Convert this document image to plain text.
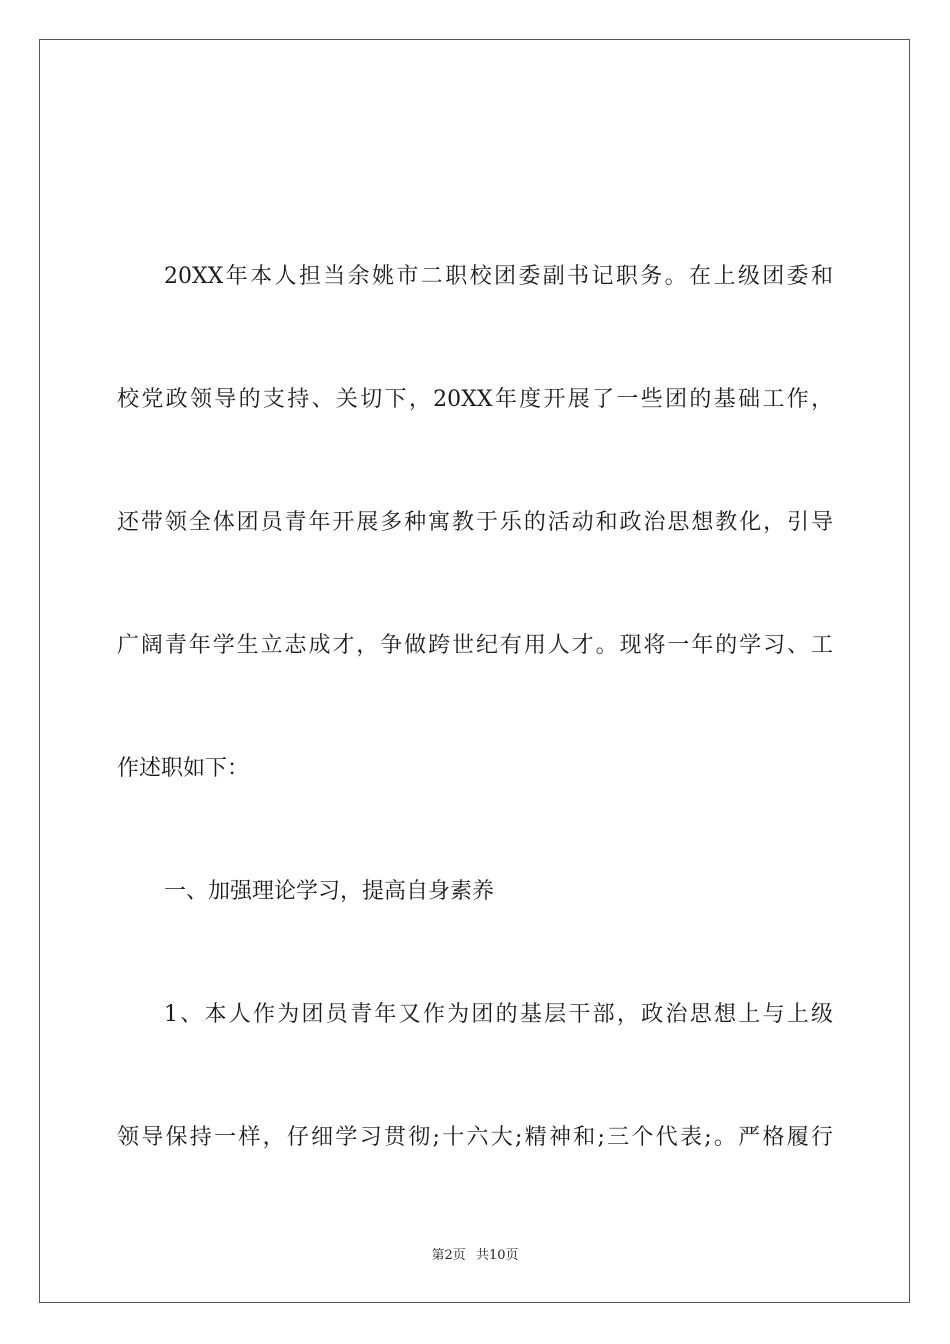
20XX年本人担当余姚市二职校团委副书记职务。在上级团委和
校党政领导的支持、关切下，20XX年度开展了一些团的基础工作，
还带领全体团员青年开展多种寓教于乐的活动和政治思想教化，引导
广阔青年学生立志成才，争做跨世纪有用人才。现将一年的学习、工
作述职如下：
一、加强理论学习，提高自身素养
1、本人作为团员青年又作为团的基层干部，政治思想上与上级
领导保持一样，仔细学习贯彻;十六大;精神和;三个代表;。严格履行
第2页 共10页
